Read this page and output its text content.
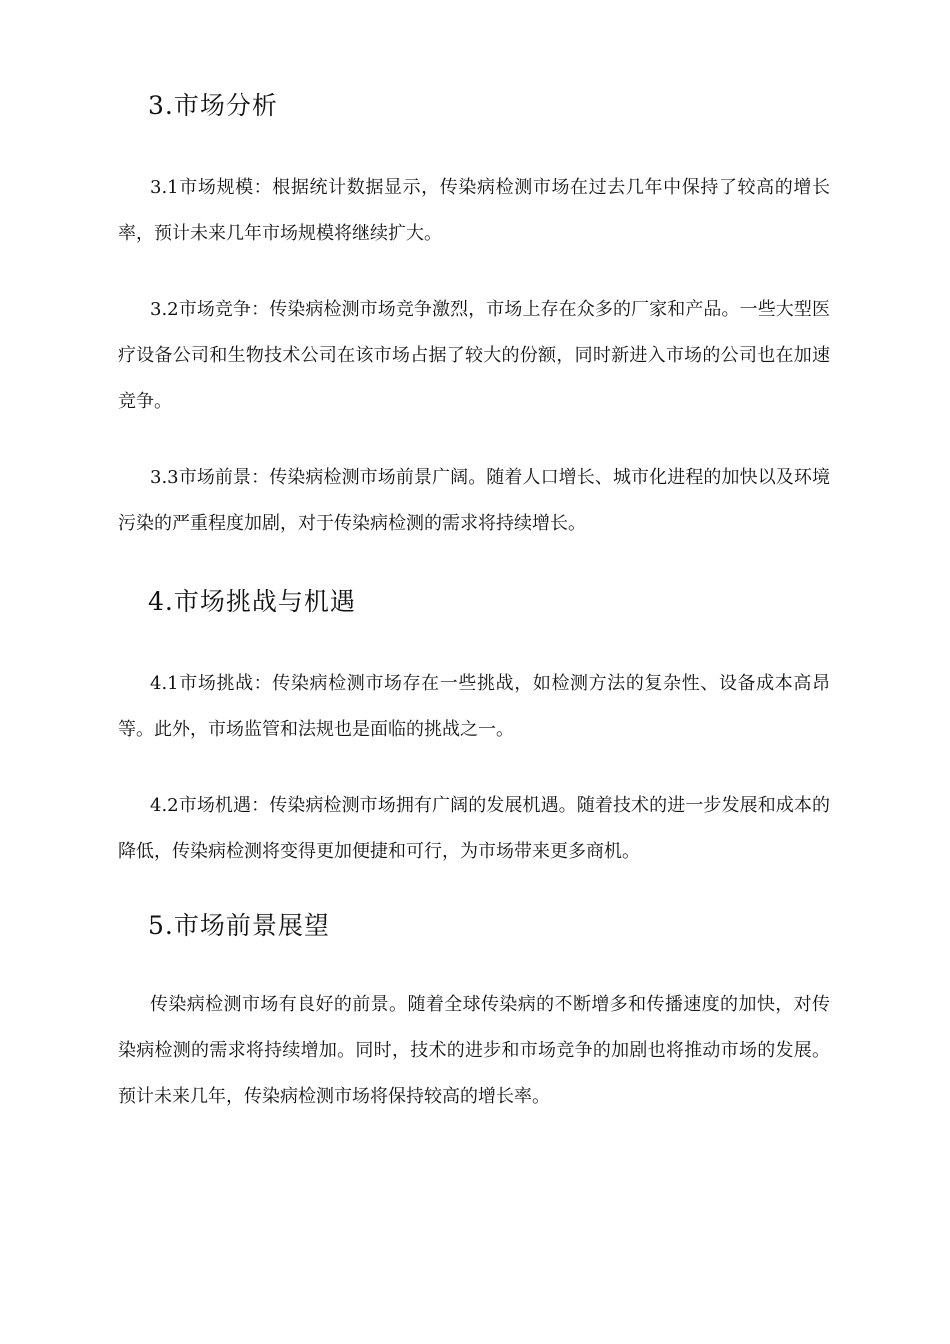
3.市场分析

3.1市场规模：根据统计数据显示，传染病检测市场在过去几年中保持了较高的增长率，预计未来几年市场规模将继续扩大。

3.2市场竞争：传染病检测市场竞争激烈，市场上存在众多的厂家和产品。一些大型医疗设备公司和生物技术公司在该市场占据了较大的份额，同时新进入市场的公司也在加速竞争。

3.3市场前景：传染病检测市场前景广阔。随着人口增长、城市化进程的加快以及环境污染的严重程度加剧，对于传染病检测的需求将持续增长。

4.市场挑战与机遇

4.1市场挑战：传染病检测市场存在一些挑战，如检测方法的复杂性、设备成本高昂等。此外，市场监管和法规也是面临的挑战之一。

4.2市场机遇：传染病检测市场拥有广阔的发展机遇。随着技术的进一步发展和成本的降低，传染病检测将变得更加便捷和可行，为市场带来更多商机。

5.市场前景展望

传染病检测市场有良好的前景。随着全球传染病的不断增多和传播速度的加快，对传染病检测的需求将持续增加。同时，技术的进步和市场竞争的加剧也将推动市场的发展。预计未来几年，传染病检测市场将保持较高的增长率。
